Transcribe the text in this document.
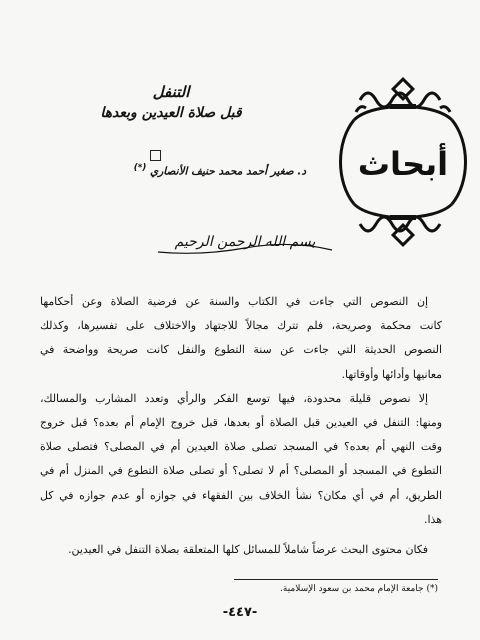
أبحاث
التنفل
قبل صلاة العيدين وبعدها
د. صغير أحمد محمد حنيف الأنصاري (*)
بسم الله الرحمن الرحيم

إن النصوص التي جاءت في الكتاب والسنة عن فرضية الصلاة وعن أحكامها

كانت محكمة وصريحة، فلم تترك مجالاً للاجتهاد والاختلاف على تفسيرها، وكذلك

النصوص الحديثة التي جاءت عن سنة التطوع والنفل كانت صريحة وواضحة في

معانيها وأدائها وأوقاتها.

إلا نصوص قليلة محدودة، فيها توسع الفكر والرأي وتعدد المشارب والمسالك،

ومنها: التنفل في العيدين قبل الصلاة أو بعدها، قبل خروج الإمام أم بعده؟ قبل خروج

وقت النهي أم بعده؟ في المسجد تصلى صلاة العيدين أم في المصلى؟ فتصلى صلاة

التطوع في المسجد أو المصلى؟ أم لا تصلى؟ أو تصلى صلاة التطوع في المنزل أم في

الطريق، أم في أي مكان؟ نشأ الخلاف بين الفقهاء في جوازه أو عدم جوازه في كل

هذا.

فكان محتوى البحث عرضاً شاملاً للمسائل كلها المتعلقة بصلاة التنفل في العيدين.

(*) جامعة الإمام محمد بن سعود الإسلامية.
-٤٤٧-
